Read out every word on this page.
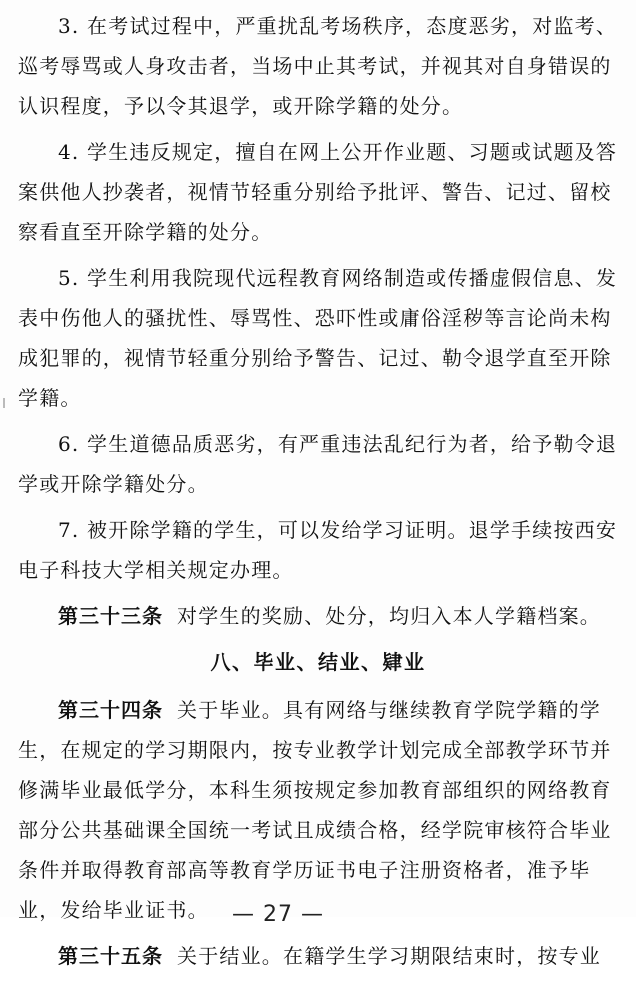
3. 在考试过程中，严重扰乱考场秩序，态度恶劣，对监考、
巡考辱骂或人身攻击者，当场中止其考试，并视其对自身错误的
认识程度，予以令其退学，或开除学籍的处分。

4. 学生违反规定，擅自在网上公开作业题、习题或试题及答
案供他人抄袭者，视情节轻重分别给予批评、警告、记过、留校
察看直至开除学籍的处分。

5. 学生利用我院现代远程教育网络制造或传播虚假信息、发
表中伤他人的骚扰性、辱骂性、恐吓性或庸俗淫秽等言论尚未构
成犯罪的，视情节轻重分别给予警告、记过、勒令退学直至开除
学籍。

6. 学生道德品质恶劣，有严重违法乱纪行为者，给予勒令退
学或开除学籍处分。

7. 被开除学籍的学生，可以发给学习证明。退学手续按西安
电子科技大学相关规定办理。

第三十三条 对学生的奖励、处分，均归入本人学籍档案。

八、毕业、结业、肄业

第三十四条 关于毕业。具有网络与继续教育学院学籍的学
生，在规定的学习期限内，按专业教学计划完成全部教学环节并
修满毕业最低学分，本科生须按规定参加教育部组织的网络教育
部分公共基础课全国统一考试且成绩合格，经学院审核符合毕业
条件并取得教育部高等教育学历证书电子注册资格者，准予毕
业，发给毕业证书。

第三十五条 关于结业。在籍学生学习期限结束时，按专业

— 27 —
